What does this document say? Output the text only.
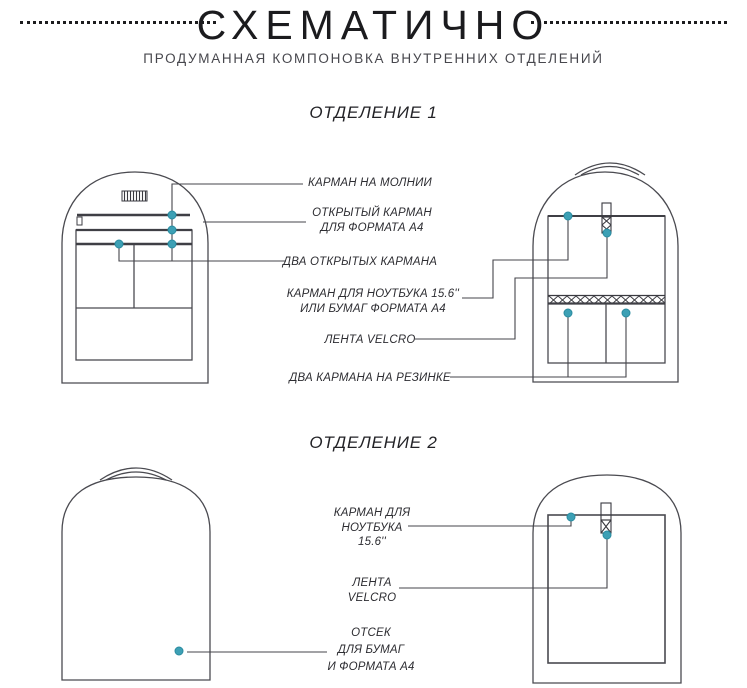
СХЕМАТИЧНО
ПРОДУМАННАЯ КОМПОНОВКА ВНУТРЕННИХ ОТДЕЛЕНИЙ
ОТДЕЛЕНИЕ 1
ОТДЕЛЕНИЕ 2
КАРМАН НА МОЛНИИ
ОТКРЫТЫЙ КАРМАН
ДЛЯ ФОРМАТА А4
ДВА ОТКРЫТЫХ КАРМАНА
КАРМАН ДЛЯ НОУТБУКА 15.6''
ИЛИ БУМАГ ФОРМАТА А4
ЛЕНТА VELCRO
ДВА КАРМАНА НА РЕЗИНКЕ
КАРМАН ДЛЯ
НОУТБУКА
15.6''
ЛЕНТА
VELCRO
ОТСЕК
ДЛЯ БУМАГ
И ФОРМАТА А4
